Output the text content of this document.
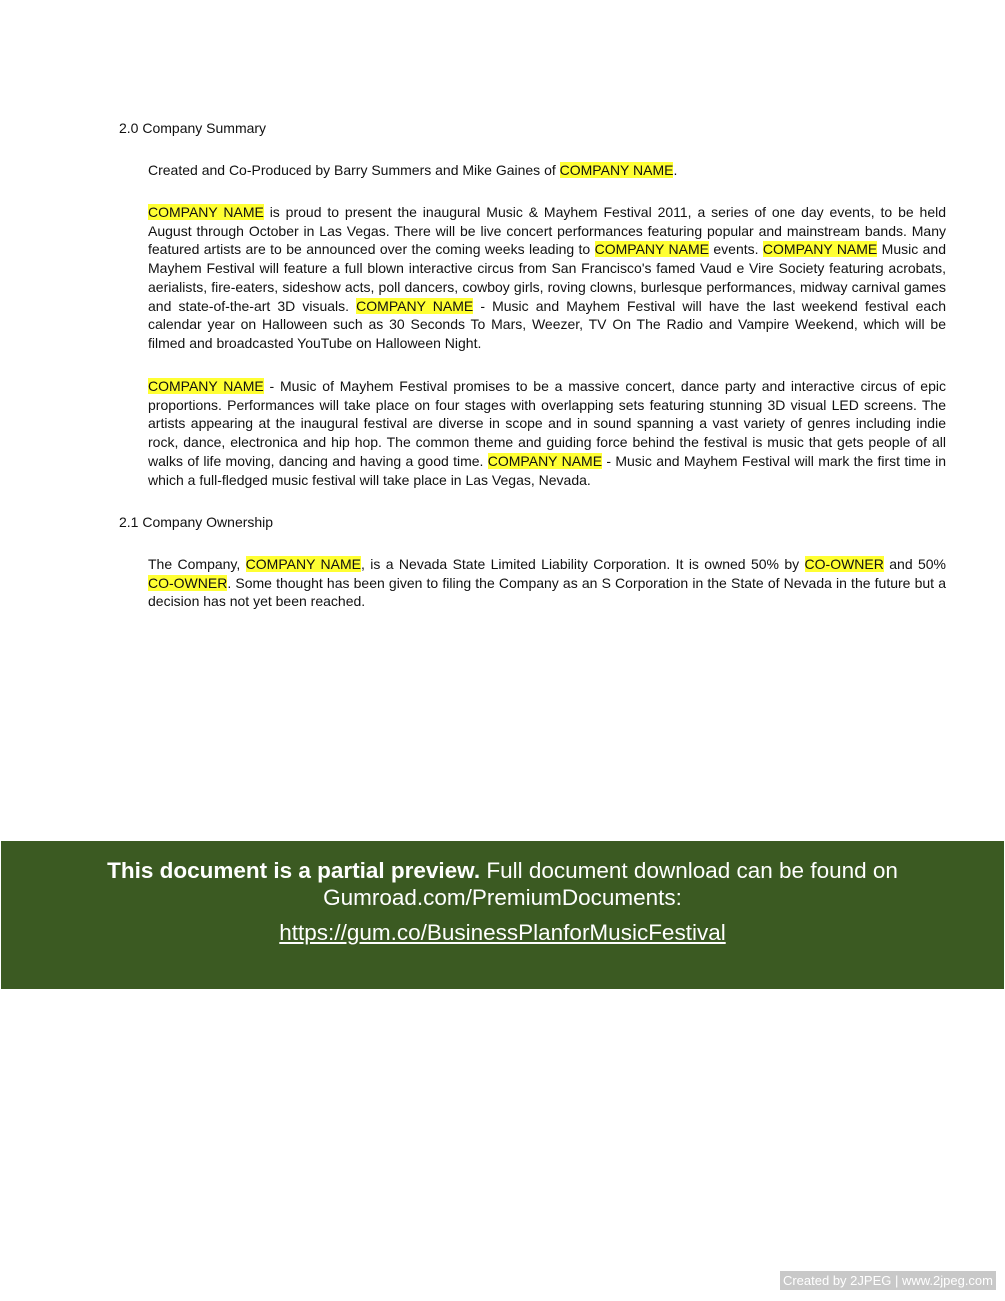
2.0 Company Summary
Created and Co-Produced by Barry Summers and Mike Gaines of COMPANY NAME.
COMPANY NAME is proud to present the inaugural Music & Mayhem Festival 2011, a series of one day events, to be held August through October in Las Vegas. There will be live concert performances featuring popular and mainstream bands. Many featured artists are to be announced over the coming weeks leading to COMPANY NAME events. COMPANY NAME Music and Mayhem Festival will feature a full blown interactive circus from San Francisco's famed Vaud e Vire Society featuring acrobats, aerialists, fire-eaters, sideshow acts, poll dancers, cowboy girls, roving clowns, burlesque performances, midway carnival games and state-of-the-art 3D visuals. COMPANY NAME - Music and Mayhem Festival will have the last weekend festival each calendar year on Halloween such as 30 Seconds To Mars, Weezer, TV On The Radio and Vampire Weekend, which will be filmed and broadcasted YouTube on Halloween Night.
COMPANY NAME - Music of Mayhem Festival promises to be a massive concert, dance party and interactive circus of epic proportions. Performances will take place on four stages with overlapping sets featuring stunning 3D visual LED screens. The artists appearing at the inaugural festival are diverse in scope and in sound spanning a vast variety of genres including indie rock, dance, electronica and hip hop. The common theme and guiding force behind the festival is music that gets people of all walks of life moving, dancing and having a good time. COMPANY NAME - Music and Mayhem Festival will mark the first time in which a full-fledged music festival will take place in Las Vegas, Nevada.
2.1 Company Ownership
The Company, COMPANY NAME, is a Nevada State Limited Liability Corporation. It is owned 50% by CO-OWNER and 50% CO-OWNER. Some thought has been given to filing the Company as an S Corporation in the State of Nevada in the future but a decision has not yet been reached.
This document is a partial preview. Full document download can be found on Gumroad.com/PremiumDocuments:
https://gum.co/BusinessPlanforMusicFestival
Created by 2JPEG | www.2jpeg.com
